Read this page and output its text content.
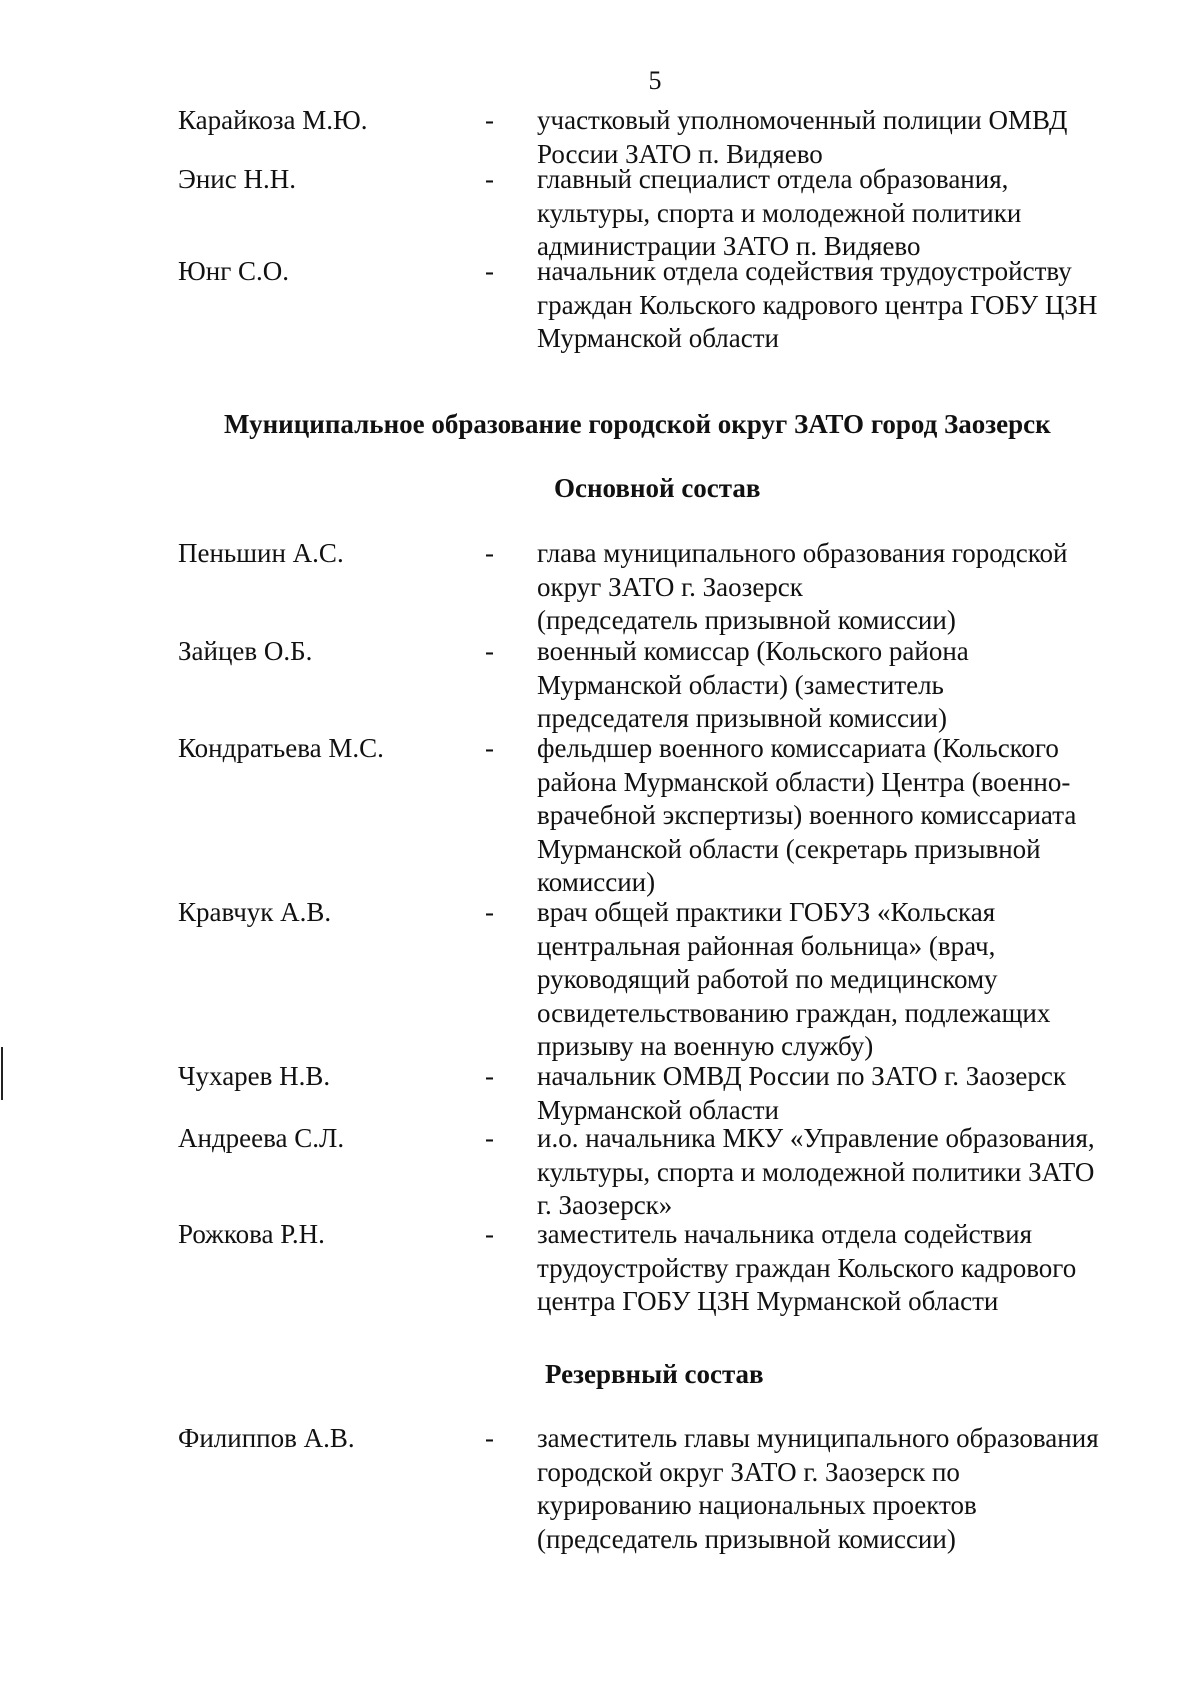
5
Карайкоза М.Ю.	-	участковый уполномоченный полиции ОМВД
России ЗАТО п. Видяево
Энис Н.Н.	-	главный специалист отдела образования,
культуры, спорта и молодежной политики
администрации ЗАТО п. Видяево
Юнг С.О.	-	начальник отдела содействия трудоустройству
граждан Кольского кадрового центра ГОБУ ЦЗН
Мурманской области
Муниципальное образование городской округ ЗАТО город Заозерск
Основной состав
Пеньшин А.С.	-	глава муниципального образования городской
округ ЗАТО г. Заозерск
(председатель призывной комиссии)
Зайцев О.Б.	-	военный комиссар (Кольского района
Мурманской области) (заместитель
председателя призывной комиссии)
Кондратьева М.С.	-	фельдшер военного комиссариата (Кольского
района Мурманской области) Центра (военно-
врачебной экспертизы) военного комиссариата
Мурманской области (секретарь призывной
комиссии)
Кравчук А.В.	-	врач общей практики ГОБУЗ «Кольская
центральная районная больница» (врач,
руководящий работой по медицинскому
освидетельствованию граждан, подлежащих
призыву на военную службу)
Чухарев Н.В.	-	начальник ОМВД России по ЗАТО г. Заозерск
Мурманской области
Андреева С.Л.	-	и.о. начальника МКУ «Управление образования,
культуры, спорта и молодежной политики ЗАТО
г. Заозерск»
Рожкова Р.Н.	-	заместитель начальника отдела содействия
трудоустройству граждан Кольского кадрового
центра ГОБУ ЦЗН Мурманской области
Резервный состав
Филиппов А.В.	-	заместитель главы муниципального образования
городской округ ЗАТО г. Заозерск по
курированию национальных проектов
(председатель призывной комиссии)
